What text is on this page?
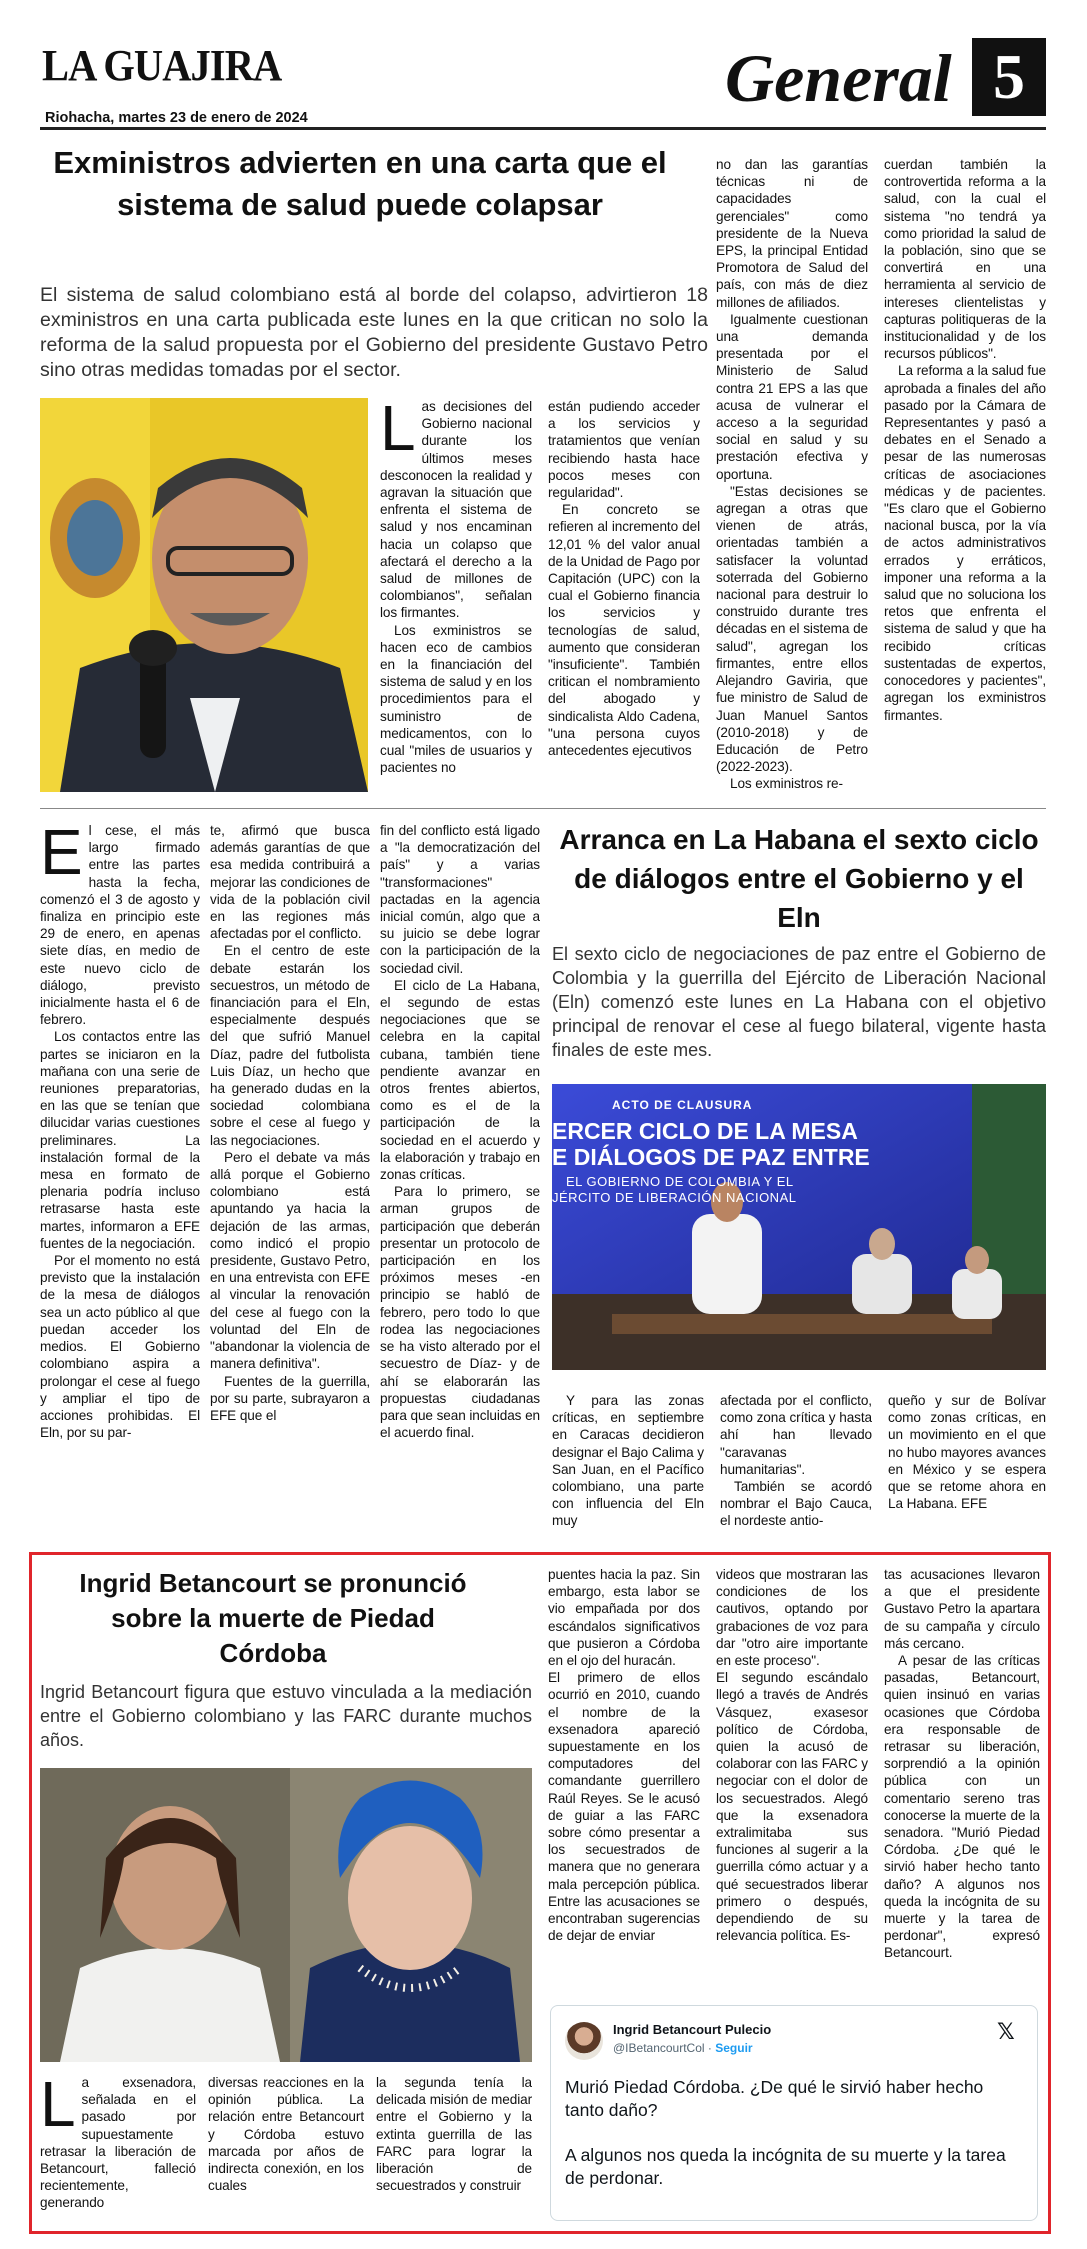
LA GUAJIRA
Riohacha, martes 23 de enero de 2024
General 5
Exministros advierten en una carta que el sistema de salud puede colapsar
El sistema de salud colombiano está al borde del colapso, advirtieron 18 exministros en una carta publicada este lunes en la que critican no solo la reforma de la salud propuesta por el Gobierno del presidente Gustavo Petro sino otras medidas tomadas por el sector.
L as decisiones del Gobierno nacional durante los últimos meses desconocen la realidad y agravan la situación que enfrenta el sistema de salud y nos encaminan hacia un colapso que afectará el derecho a la salud de millones de colombianos", señalan los firmantes.

Los exministros se hacen eco de cambios en la financiación del sistema de salud y en los procedimientos para el suministro de medicamentos, con lo cual "miles de usuarios y pacientes no

están pudiendo acceder a los servicios y tratamientos que venían recibiendo hasta hace pocos meses con regularidad".

En concreto se refieren al incremento del 12,01 % del valor anual de la Unidad de Pago por Capitación (UPC) con la cual el Gobierno financia los servicios y tecnologías de salud, aumento que consideran "insuficiente". También critican el nombramiento del abogado y sindicalista Aldo Cadena, "una persona cuyos antecedentes ejecutivos

no dan las garantías técnicas ni de capacidades gerenciales" como presidente de la Nueva EPS, la principal Entidad Promotora de Salud del país, con más de diez millones de afiliados.

Igualmente cuestionan una demanda presentada por el Ministerio de Salud contra 21 EPS a las que acusa de vulnerar el acceso a la seguridad social en salud y su prestación efectiva y oportuna.

"Estas decisiones se agregan a otras que vienen de atrás, orientadas también a satisfacer la voluntad soterrada del Gobierno nacional para destruir lo construido durante tres décadas en el sistema de salud", agregan los firmantes, entre ellos Alejandro Gaviria, que fue ministro de Salud de Juan Manuel Santos (2010-2018) y de Educación de Petro (2022-2023).

Los exministros re-

cuerdan también la controvertida reforma a la salud, con la cual el sistema "no tendrá ya como prioridad la salud de la población, sino que se convertirá en una herramienta al servicio de intereses clientelistas y capturas politiqueras de la institucionalidad y de los recursos públicos".

La reforma a la salud fue aprobada a finales del año pasado por la Cámara de Representantes y pasó a debates en el Senado a pesar de las numerosas críticas de asociaciones médicas y de pacientes. "Es claro que el Gobierno nacional busca, por la vía de actos administrativos errados y erráticos, imponer una reforma a la salud que no soluciona los retos que enfrenta el sistema de salud y que ha recibido críticas sustentadas de expertos, conocedores y pacientes", agregan los exministros firmantes.

E l cese, el más largo firmado entre las partes hasta la fecha, comenzó el 3 de agosto y finaliza en principio este 29 de enero, en apenas siete días, en medio de este nuevo ciclo de diálogo, previsto inicialmente hasta el 6 de febrero.

Los contactos entre las partes se iniciaron en la mañana con una serie de reuniones preparatorias, en las que se tenían que dilucidar varias cuestiones preliminares. La instalación formal de la mesa en formato de plenaria podría incluso retrasarse hasta este martes, informaron a EFE fuentes de la negociación.

Por el momento no está previsto que la instalación de la mesa de diálogos sea un acto público al que puedan acceder los medios. El Gobierno colombiano aspira a prolongar el cese al fuego y ampliar el tipo de acciones prohibidas. El Eln, por su par-

te, afirmó que busca además garantías de que esa medida contribuirá a mejorar las condiciones de vida de la población civil en las regiones más afectadas por el conflicto.

En el centro de este debate estarán los secuestros, un método de financiación para el Eln, especialmente después del que sufrió Manuel Díaz, padre del futbolista Luis Díaz, un hecho que ha generado dudas en la sociedad colombiana sobre el cese al fuego y las negociaciones.

Pero el debate va más allá porque el Gobierno colombiano está apuntando ya hacia la dejación de las armas, como indicó el propio presidente, Gustavo Petro, en una entrevista con EFE al vincular la renovación del cese al fuego con la voluntad del Eln de "abandonar la violencia de manera definitiva".

Fuentes de la guerrilla, por su parte, subrayaron a EFE que el

fin del conflicto está ligado a "la democratización del país" y a varias "transformaciones" pactadas en la agencia inicial común, algo que a su juicio se debe lograr con la participación de la sociedad civil.

El ciclo de La Habana, el segundo de estas negociaciones que se celebra en la capital cubana, también tiene pendiente avanzar en otros frentes abiertos, como es el de la participación de la sociedad en el acuerdo y la elaboración y trabajo en zonas críticas.

Para lo primero, se arman grupos de participación que deberán presentar un protocolo de participación en los próximos meses -en principio se habló de febrero, pero todo lo que rodea las negociaciones se ha visto alterado por el secuestro de Díaz- y de ahí se elaborarán las propuestas ciudadanas para que sean incluidas en el acuerdo final.

Arranca en La Habana el sexto ciclo de diálogos entre el Gobierno y el Eln
El sexto ciclo de negociaciones de paz entre el Gobierno de Colombia y la guerrilla del Ejército de Liberación Nacional (Eln) comenzó este lunes en La Habana con el objetivo principal de renovar el cese al fuego bilateral, vigente hasta finales de este mes.
ACTO DE CLAUSURA
ERCER CICLO DE LA MESA
E DIÁLOGOS DE PAZ ENTRE
EL GOBIERNO DE COLOMBIA Y EL
JÉRCITO DE LIBERACIÓN NACIONAL

Y para las zonas críticas, en septiembre en Caracas decidieron designar el Bajo Calima y San Juan, en el Pacífico colombiano, una parte con influencia del Eln muy

afectada por el conflicto, como zona crítica y hasta ahí han llevado "caravanas humanitarias".

También se acordó nombrar el Bajo Cauca, el nordeste antio-

queño y sur de Bolívar como zonas críticas, en un movimiento en el que no hubo mayores avances en México y se espera que se retome ahora en La Habana. EFE

Ingrid Betancourt se pronunció sobre la muerte de Piedad Córdoba
Ingrid Betancourt figura que estuvo vinculada a la mediación entre el Gobierno colombiano y las FARC durante muchos años.
L a exsenadora, señalada en el pasado por supuestamente retrasar la liberación de Betancourt, falleció recientemente, generando

diversas reacciones en la opinión pública. La relación entre Betancourt y Córdoba estuvo marcada por años de indirecta conexión, en los cuales

la segunda tenía la delicada misión de mediar entre el Gobierno y la extinta guerrilla de las FARC para lograr la liberación de secuestrados y construir

puentes hacia la paz. Sin embargo, esta labor se vio empañada por dos escándalos significativos que pusieron a Córdoba en el ojo del huracán.

El primero de ellos ocurrió en 2010, cuando el nombre de la exsenadora apareció supuestamente en los computadores del comandante guerrillero Raúl Reyes. Se le acusó de guiar a las FARC sobre cómo presentar a los secuestrados de manera que no generara mala percepción pública. Entre las acusaciones se encontraban sugerencias de dejar de enviar

videos que mostraran las condiciones de los cautivos, optando por grabaciones de voz para dar "otro aire importante en este proceso".

El segundo escándalo llegó a través de Andrés Vásquez, exasesor político de Córdoba, quien la acusó de colaborar con las FARC y negociar con el dolor de los secuestrados. Alegó que la exsenadora extralimitaba sus funciones al sugerir a la guerrilla cómo actuar y a qué secuestrados liberar primero o después, dependiendo de su relevancia política. Es-

tas acusaciones llevaron a que el presidente Gustavo Petro la apartara de su campaña y círculo más cercano.

A pesar de las críticas pasadas, Betancourt, quien insinuó en varias ocasiones que Córdoba era responsable de retrasar su liberación, sorprendió a la opinión pública con un comentario sereno tras conocerse la muerte de la senadora. "Murió Piedad Córdoba. ¿De qué le sirvió haber hecho tanto daño? A algunos nos queda la incógnita de su muerte y la tarea de perdonar", expresó Betancourt.

Ingrid Betancourt Pulecio
@IBetancourtCol · Seguir
𝕏
Murió Piedad Córdoba. ¿De qué le sirvió haber hecho tanto daño?
A algunos nos queda la incógnita de su muerte y la tarea de perdonar.
